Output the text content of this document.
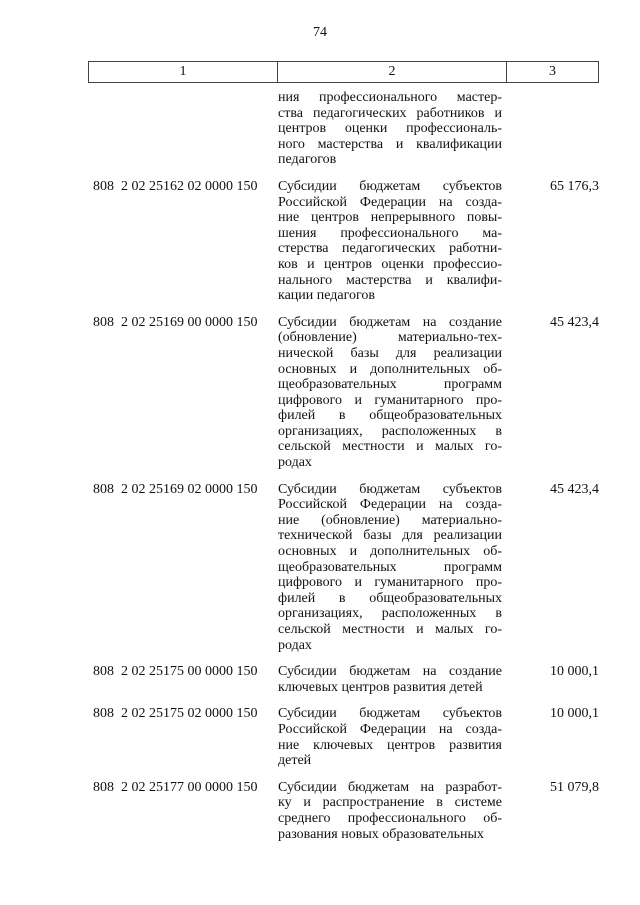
74
1	2	3
ния профессионального мастер-
ства педагогических работников и
центров оценки профессиональ-
ного мастерства и квалификации
педагогов
808  2 02 25162 02 0000 150 Субсидии бюджетам субъектов
Российской Федерации на созда-
ние центров непрерывного повы-
шения профессионального ма-
стерства педагогических работни-
ков и центров оценки профессио-
нального мастерства и квалифи-
кации педагогов
65 176,3
808  2 02 25169 00 0000 150 Субсидии бюджетам на создание
(обновление) материально-тех-
нической базы для реализации
основных и дополнительных об-
щеобразовательных программ
цифрового и гуманитарного про-
филей в общеобразовательных
организациях, расположенных в
сельской местности и малых го-
родах
45 423,4
808  2 02 25169 02 0000 150 Субсидии бюджетам субъектов
Российской Федерации на созда-
ние (обновление) материально-
технической базы для реализации
основных и дополнительных об-
щеобразовательных программ
цифрового и гуманитарного про-
филей в общеобразовательных
организациях, расположенных в
сельской местности и малых го-
родах
45 423,4
808  2 02 25175 00 0000 150 Субсидии бюджетам на создание
ключевых центров развития детей
10 000,1
808  2 02 25175 02 0000 150 Субсидии бюджетам субъектов
Российской Федерации на созда-
ние ключевых центров развития
детей
10 000,1
808  2 02 25177 00 0000 150 Субсидии бюджетам на разработ-
ку и распространение в системе
среднего профессионального об-
разования новых образовательных
51 079,8
